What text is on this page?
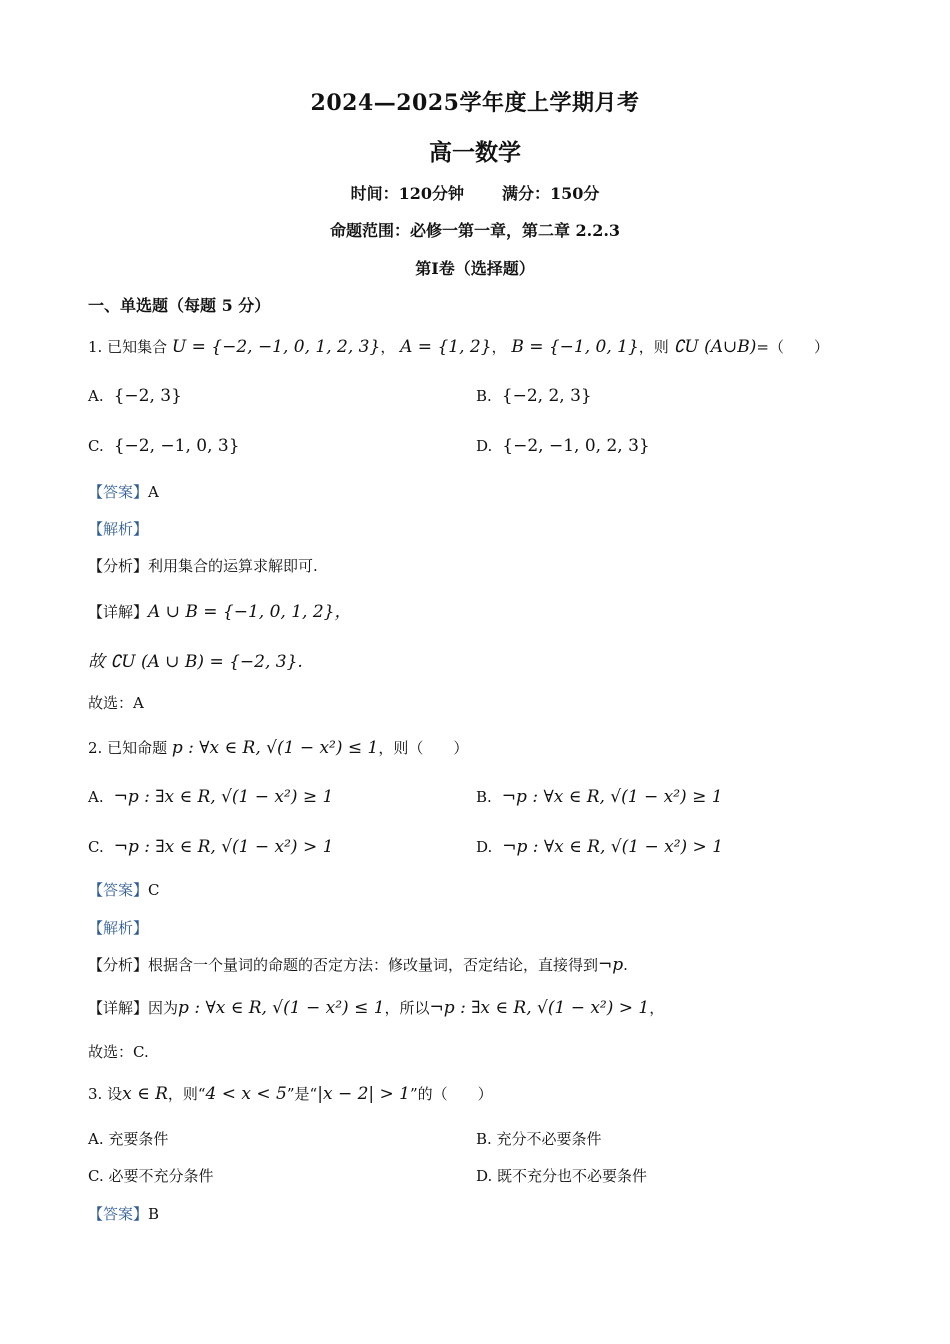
2024—2025学年度上学期月考
高一数学
时间：120分钟 满分：150分
命题范围：必修一第一章，第二章 2.2.3
第Ⅰ卷（选择题）
一、单选题（每题 5 分）
1. 已知集合 U = {−2, −1, 0, 1, 2, 3}， A = {1, 2}， B = {−1, 0, 1}，则 ∁U (A∪B)=（　　）
A. {−2, 3}	B. {−2, 2, 3}
C. {−2, −1, 0, 3}	D. {−2, −1, 0, 2, 3}
【答案】A
【解析】
【分析】利用集合的运算求解即可.
【详解】A ∪ B = {−1, 0, 1, 2}，
故 ∁U (A ∪ B) = {−2, 3}.
故选：A
2. 已知命题 p : ∀x ∈ R, √(1 − x²) ≤ 1，则（　　）
A. ¬p : ∃x ∈ R, √(1 − x²) ≥ 1	B. ¬p : ∀x ∈ R, √(1 − x²) ≥ 1
C. ¬p : ∃x ∈ R, √(1 − x²) > 1	D. ¬p : ∀x ∈ R, √(1 − x²) > 1
【答案】C
【解析】
【分析】根据含一个量词的命题的否定方法：修改量词，否定结论，直接得到¬p.
【详解】因为p : ∀x ∈ R, √(1 − x²) ≤ 1，所以¬p : ∃x ∈ R, √(1 − x²) > 1，
故选：C.
3. 设x ∈ R，则“4 < x < 5”是“|x − 2| > 1”的（　　）
A. 充要条件	B. 充分不必要条件
C. 必要不充分条件	D. 既不充分也不必要条件
【答案】B
